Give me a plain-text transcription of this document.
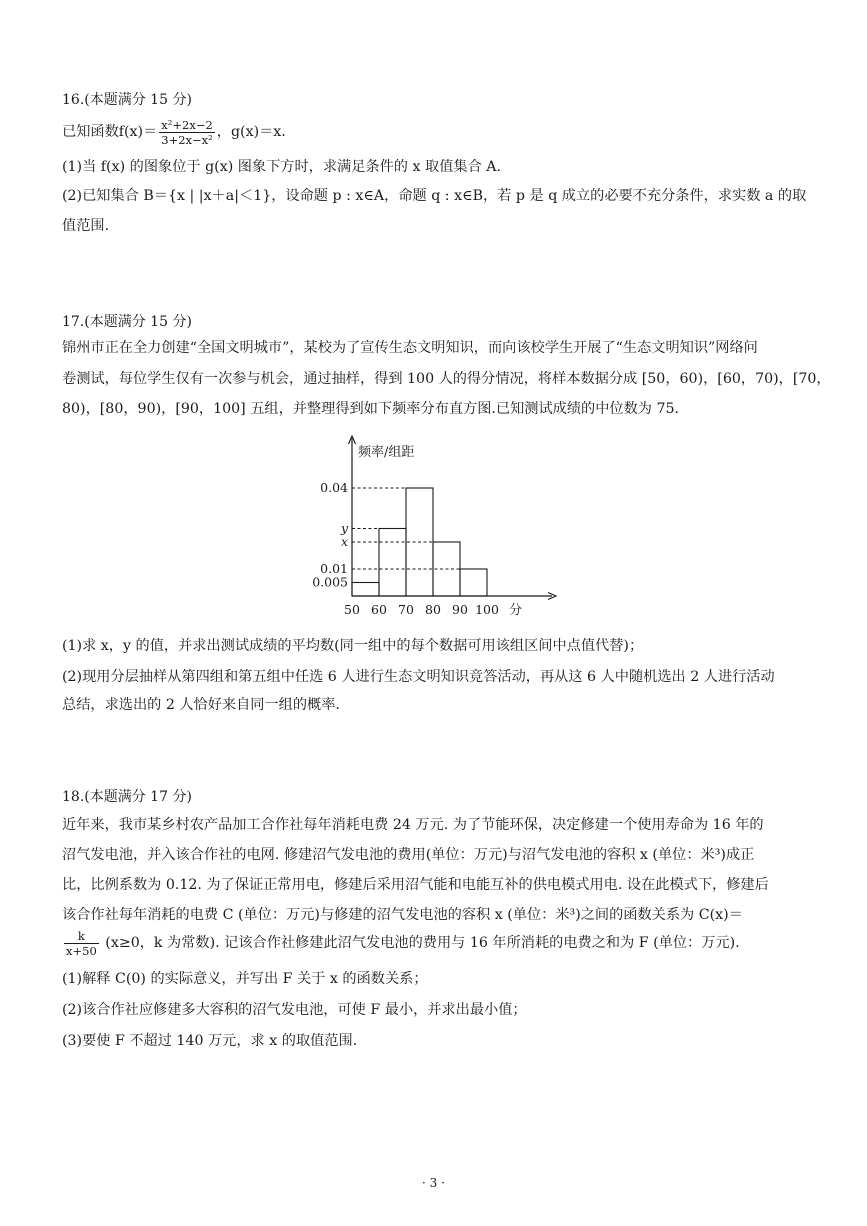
16.(本题满分 15 分)
已知函数$f(x)= \frac{\text{x²+2x−2}}{\text{3+2x−x²}}$ ，g(x)＝x.
(1)当 f(x) 的图象位于 g(x) 图象下方时，求满足条件的 x 取值集合 A.
(2)已知集合 B＝{x | |x＋a|＜1}，设命题 p : x∈A，命题 q : x∈B，若 p 是 q 成立的必要不充分条件，求实数 a 的取
值范围.
17.(本题满分 15 分)
锦州市正在全力创建“全国文明城市”，某校为了宣传生态文明知识，而向该校学生开展了“生态文明知识”网络问
卷测试，每位学生仅有一次参与机会，通过抽样，得到 100 人的得分情况，将样本数据分成 [50，60)，[60，70)，[70，
80)，[80，90)，[90，100] 五组，并整理得到如下频率分布直方图.已知测试成绩的中位数为 75.
频率/组距
0.04
y
x
0.01
0.005
50 60 70 80 90 100 分
(1)求 x，y 的值，并求出测试成绩的平均数(同一组中的每个数据可用该组区间中点值代替)；
(2)现用分层抽样从第四组和第五组中任选 6 人进行生态文明知识竞答活动，再从这 6 人中随机选出 2 人进行活动
总结，求选出的 2 人恰好来自同一组的概率.
18.(本题满分 17 分)
近年来，我市某乡村农产品加工合作社每年消耗电费 24 万元. 为了节能环保，决定修建一个使用寿命为 16 年的
沼气发电池，并入该合作社的电网. 修建沼气发电池的费用(单位：万元)与沼气发电池的容积 x (单位：米³)成正
比，比例系数为 0.12. 为了保证正常用电，修建后采用沼气能和电能互补的供电模式用电. 设在此模式下，修建后
该合作社每年消耗的电费 C (单位：万元)与修建的沼气发电池的容积 x (单位：米³)之间的函数关系为 C(x)＝
$\frac{k}{x+50} (x\ge 0$，k 为常数). 记该合作社修建此沼气发电池的费用与 16 年所消耗的电费之和为 F (单位：万元).
(1)解释 C(0) 的实际意义，并写出 F 关于 x 的函数关系；
(2)该合作社应修建多大容积的沼气发电池，可使 F 最小，并求出最小值；
(3)要使 F 不超过 140 万元，求 x 的取值范围.
· 3 ·
